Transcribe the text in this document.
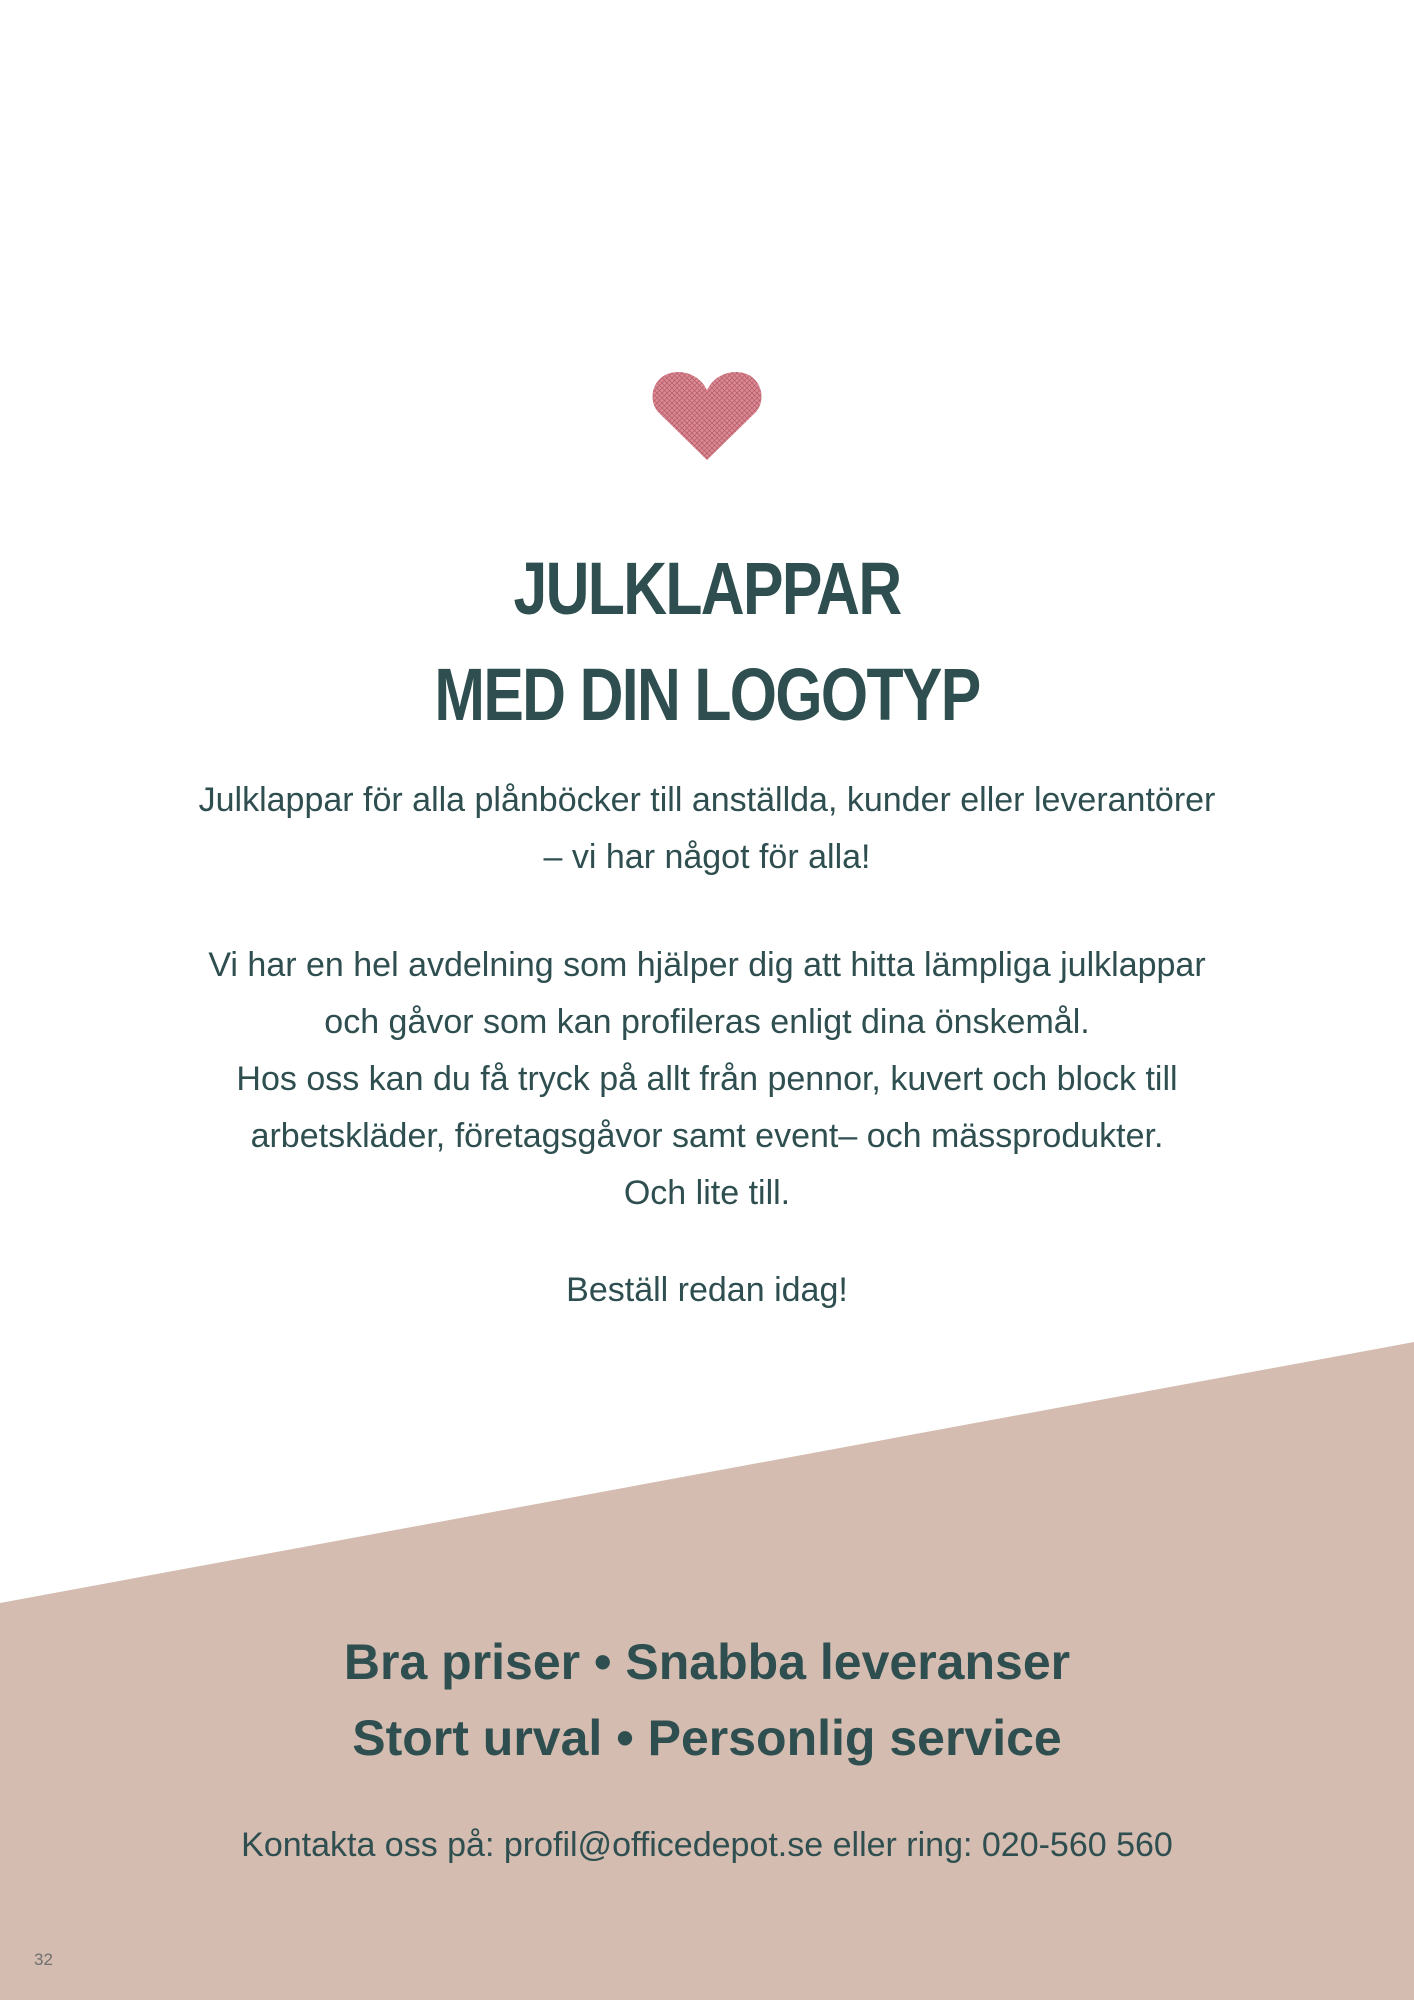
JULKLAPPAR
MED DIN LOGOTYP
Julklappar för alla plånböcker till anställda, kunder eller leverantörer
– vi har något för alla!
Vi har en hel avdelning som hjälper dig att hitta lämpliga julklappar
och gåvor som kan profileras enligt dina önskemål.
Hos oss kan du få tryck på allt från pennor, kuvert och block till
arbetskläder, företagsgåvor samt event– och mässprodukter.
Och lite till.
Beställ redan idag!
Bra priser • Snabba leveranser
Stort urval • Personlig service
Kontakta oss på: profil@officedepot.se eller ring: 020-560 560
32
